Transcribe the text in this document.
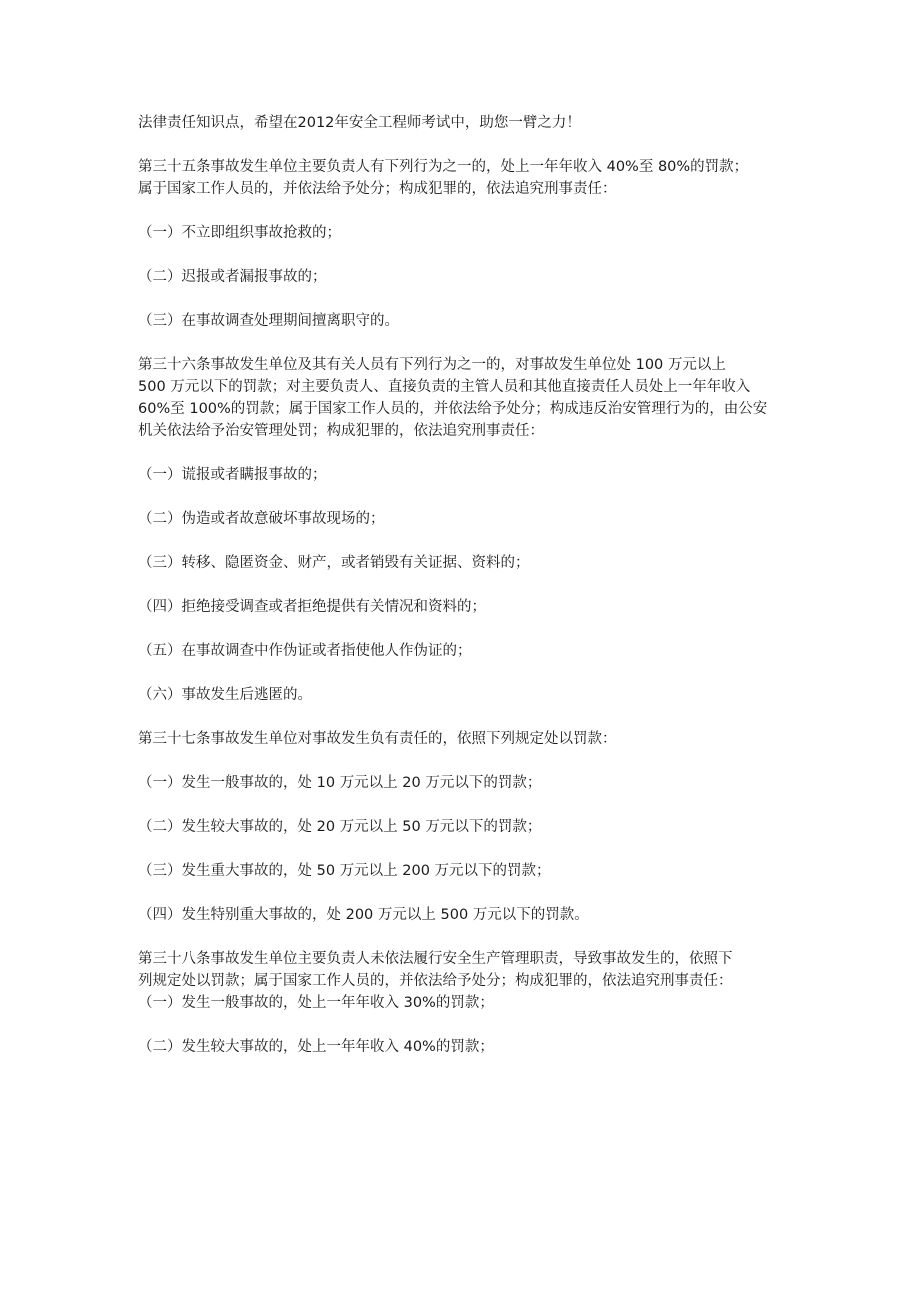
法律责任知识点，希望在2012年安全工程师考试中，助您一臂之力！

第三十五条事故发生单位主要负责人有下列行为之一的，处上一年年收入 40%至 80%的罚款；
属于国家工作人员的，并依法给予处分；构成犯罪的，依法追究刑事责任：

（一）不立即组织事故抢救的；

（二）迟报或者漏报事故的；

（三）在事故调查处理期间擅离职守的。

第三十六条事故发生单位及其有关人员有下列行为之一的，对事故发生单位处 100 万元以上
500 万元以下的罚款；对主要负责人、直接负责的主管人员和其他直接责任人员处上一年年收入
60%至 100%的罚款；属于国家工作人员的，并依法给予处分；构成违反治安管理行为的，由公安
机关依法给予治安管理处罚；构成犯罪的，依法追究刑事责任：

（一）谎报或者瞒报事故的；

（二）伪造或者故意破坏事故现场的；

（三）转移、隐匿资金、财产，或者销毁有关证据、资料的；

（四）拒绝接受调查或者拒绝提供有关情况和资料的；

（五）在事故调查中作伪证或者指使他人作伪证的；

（六）事故发生后逃匿的。

第三十七条事故发生单位对事故发生负有责任的，依照下列规定处以罚款：

（一）发生一般事故的，处 10 万元以上 20 万元以下的罚款；

（二）发生较大事故的，处 20 万元以上 50 万元以下的罚款；

（三）发生重大事故的，处 50 万元以上 200 万元以下的罚款；

（四）发生特别重大事故的，处 200 万元以上 500 万元以下的罚款。

第三十八条事故发生单位主要负责人未依法履行安全生产管理职责，导致事故发生的，依照下
列规定处以罚款；属于国家工作人员的，并依法给予处分；构成犯罪的，依法追究刑事责任：

（一）发生一般事故的，处上一年年收入 30%的罚款；

（二）发生较大事故的，处上一年年收入 40%的罚款；
